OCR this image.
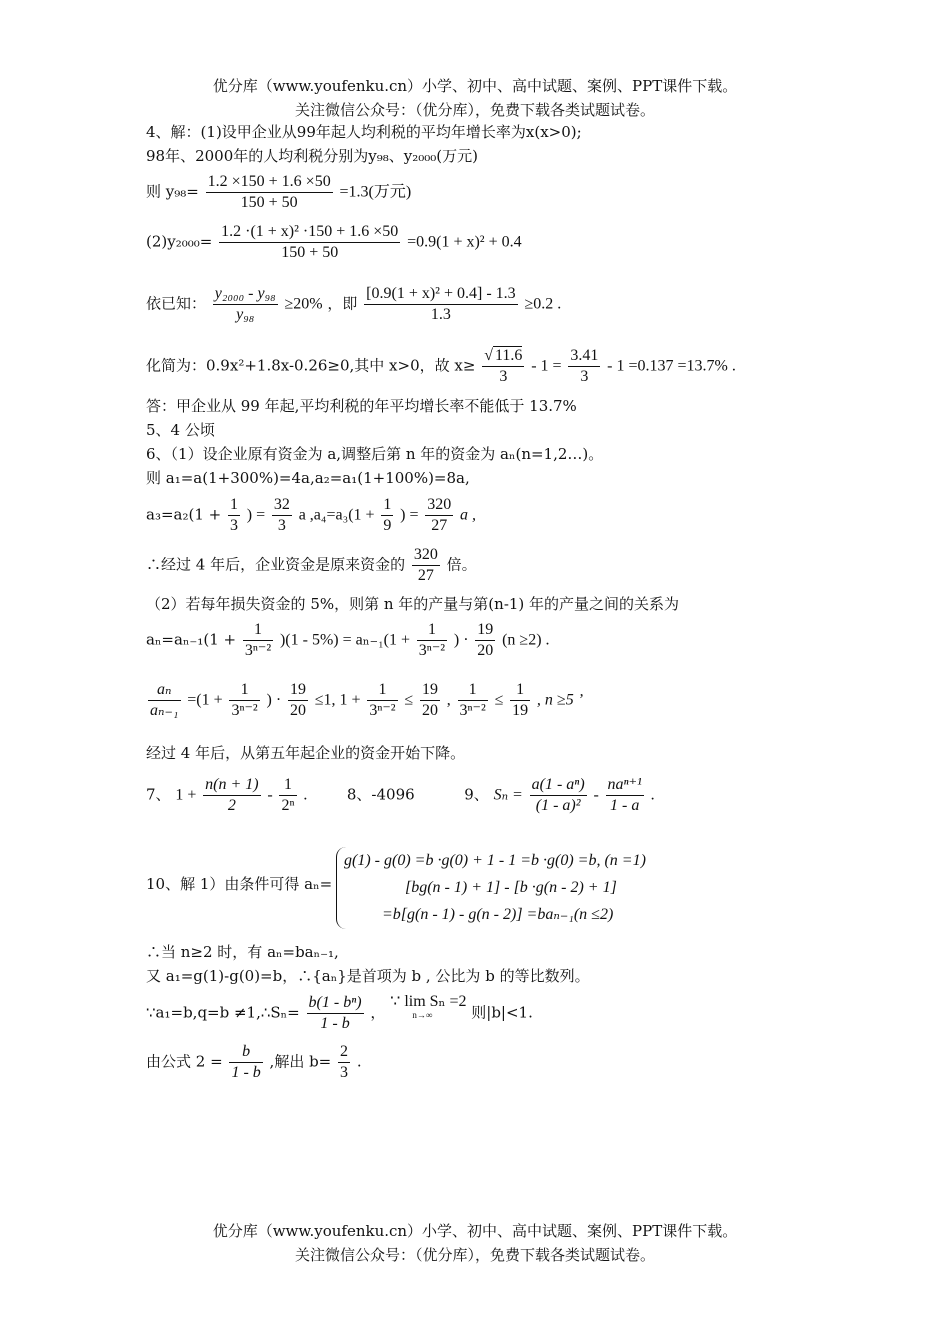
优分库（www.youfenku.cn）小学、初中、高中试题、案例、PPT课件下载。
关注微信公众号：（优分库），免费下载各类试题试卷。
4、解：(1)设甲企业从99年起人均利税的平均年增长率为x(x>0);
98年、2000年的人均利税分别为y₉₈、y₂₀₀₀(万元)
则 $y_{98}= \frac{1.2 \times 150 + 1.6 \times 50}{150 + 50} =1.3$(万元)
$(2)y_{2000}= \frac{\text{1.2 ·(1 + x)² ·150 + 1.6 ×50}}{150 + 50} =0.9(1 + x)^2 + 0.4$
依已知： $\frac{\text{y₂₀₀₀ - y₉₈}}{\text{y₉₈}} \ge 20\%$ ，即 $\frac{\text{[0.9(1 + x)² + 0.4] - 1.3}}{1.3} \ge 0.2$ .
化简为：0.9x²+1.8x-0.26≥0,其中 x>0，故 $x\ge \frac{√ 11.6}{3} - 1 = \frac{3.41}{3} - 1 =0.137 =13.7\%$ .
答：甲企业从 99 年起,平均利税的年平均增长率不能低于 13.7%
5、4 公顷
6、（1）设企业原有资金为 a,调整后第 n 年的资金为 aₙ(n=1,2…)。
则 a₁=a(1+300%)=4a,a₂=a₁(1+100%)=8a,
$a_3=a_2(1 + \frac{1}{3}$ ) = $\frac{32}{3}$ a $,a_4=a_3(1 + \frac{1}{9}$ ) = $\frac{320}{27}$ a ,
∴经过 4 年后，企业资金是原来资金的 $\frac{320}{27}$ 倍。
（2）若每年损失资金的 5%，则第 n 年的产量与第(n-1) 年的产量之间的关系为
$a_n=a_{n-1}(1 + \frac{1}{\text{3ⁿ⁻²}} )(1 - 5\%) = a_{n-1}(1 + \frac{1}{\text{3ⁿ⁻²}}$ ) · $\frac{19}{20} (n \ge 2)$ .
$\frac{\text{aₙ}}{\text{aₙ₋₁}} =(1 + \frac{1}{\text{3ⁿ⁻²}}$ ) · $\frac{19}{20} \le 1$, $1 + \frac{1}{\text{3ⁿ⁻²}} \le \frac{19}{20}$ , $\frac{1}{\text{3ⁿ⁻²}} \le \frac{1}{19}$ , n ≥5 ’
经过 4 年后，从第五年起企业的资金开始下降。
7、 $1 + \frac{n(n + 1)}{2} - \frac{1}{\text{2ⁿ}}$ .	8、-4096	9、 $S_n = \frac{\text{a(1 - aⁿ)}}{\text{(1 - a)²}}$ -
naⁿ⁺¹
1 - a
.
10、解 1）由条件可得 aₙ=
g(1) - g(0) =b ·g(0) + 1 - 1 =b ·g(0) =b, (n =1)
[bg(n - 1) + 1] - [b ·g(n - 2) + 1]
=b[g(n - 1) - g(n - 2)] =baₙ₋₁(n ≤2)
∴当 n≥2 时，有 aₙ=baₙ₋₁,
又 a₁=g(1)-g(0)=b，∴{aₙ}是首项为 b , 公比为 b 的等比数列。
∵a₁=b,q=b ≠1,∴Sₙ= $\frac{\text{b(1 - bⁿ)}}{1 - b}$ ，
∵ lim Sₙ =2
n→∞	则|b|<1.
由公式 $2 = \frac{b}{1 - b}$ ,解出 $b= \frac{2}{3}$ .
优分库（www.youfenku.cn）小学、初中、高中试题、案例、PPT课件下载。
关注微信公众号：（优分库），免费下载各类试题试卷。
